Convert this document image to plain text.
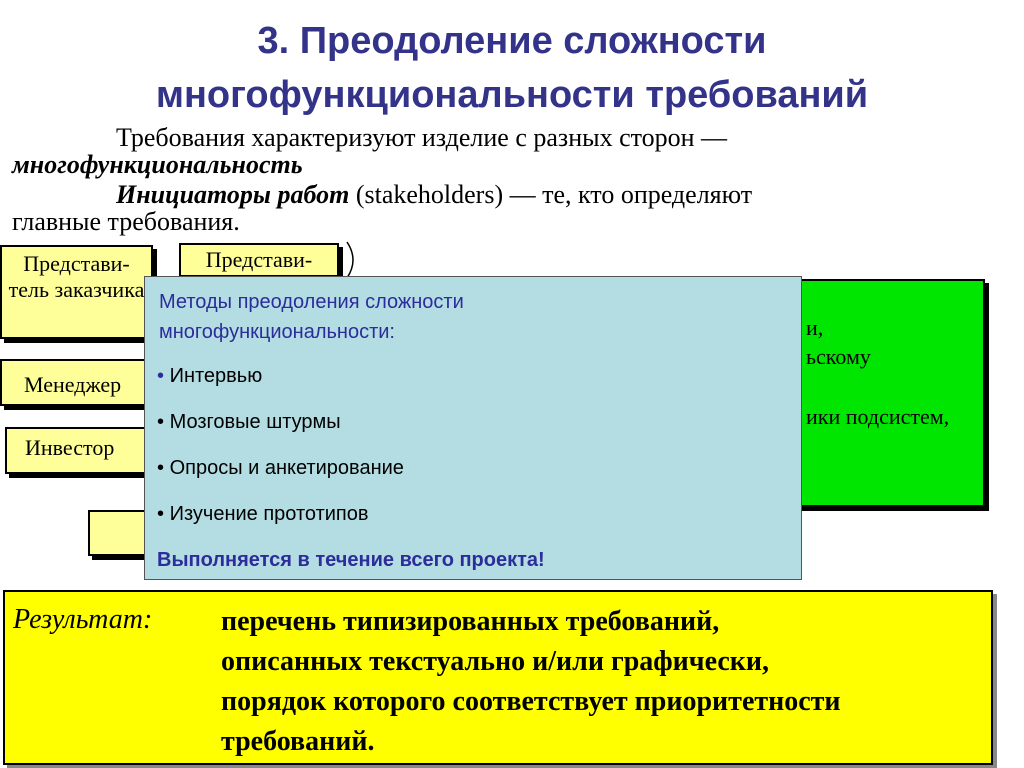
3. Преодоление сложности
многофункциональности требований
Требования характеризуют изделие с разных сторон —
многофункциональность
Инициаторы работ (stakeholders) — те, кто определяют
главные требования.
Представи-тель заказчика
Представи-
Менеджер
Инвестор
и,
ьскому
ики подсистем,
Методы преодоления сложности многофункциональности:
• Интервью
• Мозговые штурмы
• Опросы и анкетирование
• Изучение прототипов
Выполняется в течение всего проекта!
Результат: перечень типизированных требований,
описанных текстуально и/или графически,
порядок которого соответствует приоритетности
требований.
